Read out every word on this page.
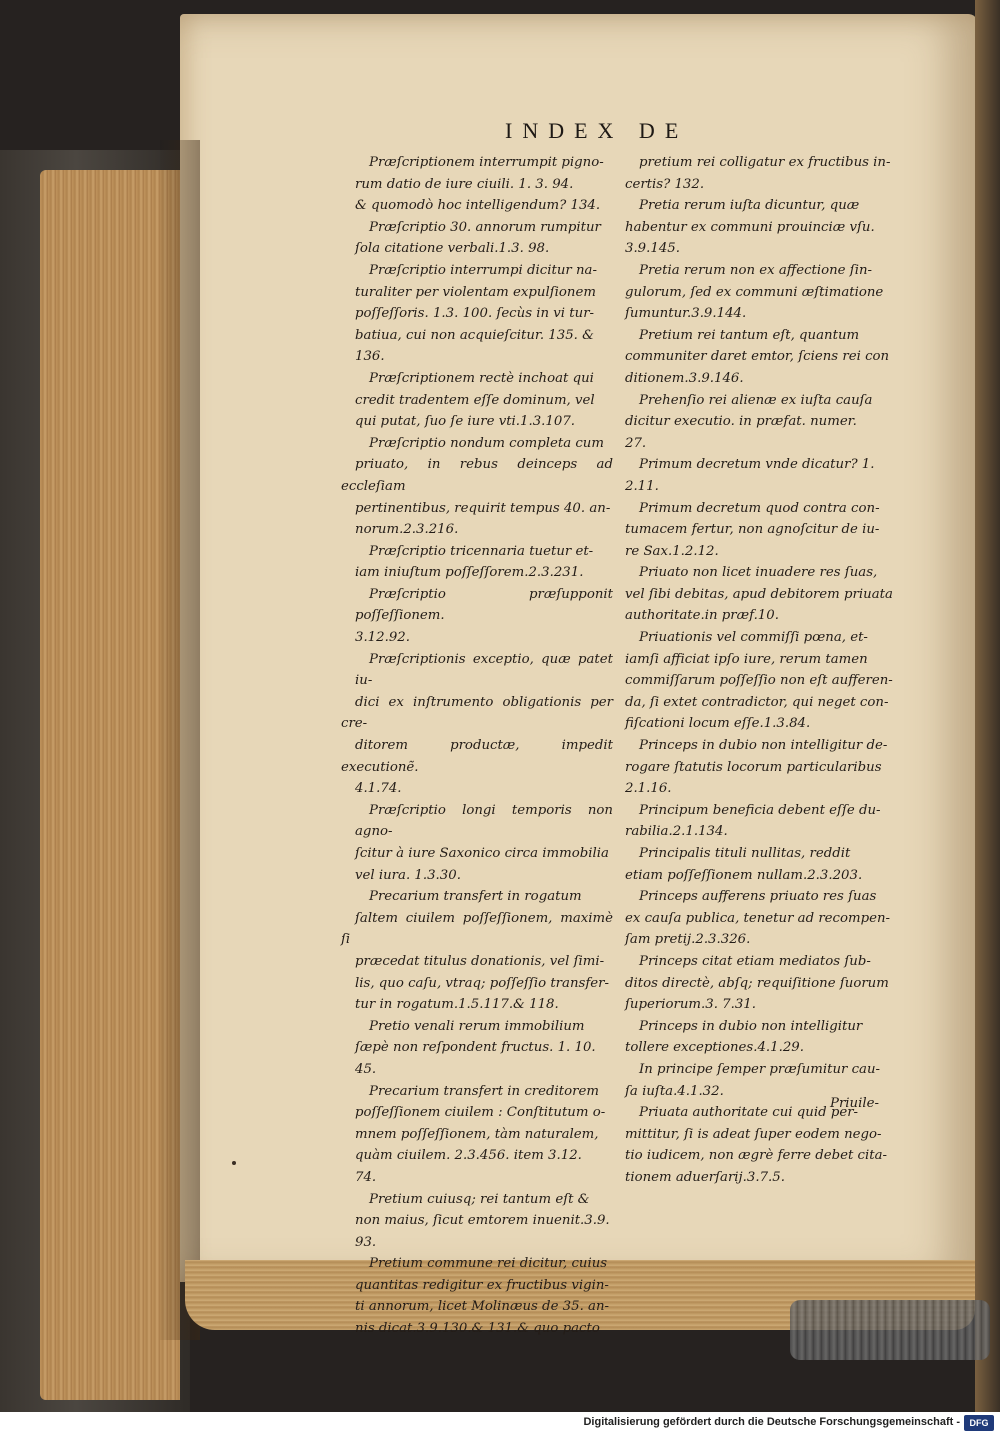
INDEX DE

Præſcriptionem interrumpit pigno-
rum datio de iure ciuili. 1. 3. 94.
& quomodò hoc intelligendum? 134.

Præſcriptio 30. annorum rumpitur
ſola citatione verbali.1.3. 98.

Præſcriptio interrumpi dicitur na-
turaliter per violentam expulſionem
poſſeſſoris. 1.3. 100. ſecùs in vi tur-
batiua, cui non acquieſcitur. 135. &
136.

Præſcriptionem rectè inchoat qui
credit tradentem eſſe dominum, vel
qui putat, ſuo ſe iure vti.1.3.107.

Præſcriptio nondum completa cum
priuato, in rebus deinceps ad eccleſiam
pertinentibus, requirit tempus 40. an-
norum.2.3.216.

Præſcriptio tricennaria tuetur et-
iam iniuſtum poſſeſſorem.2.3.231.

Præſcriptio præſupponit poſſeſſionem.
3.12.92.

Præſcriptionis exceptio, quæ patet iu-
dici ex inſtrumento obligationis per cre-
ditorem productæ, impedit executionẽ.
4.1.74.

Præſcriptio longi temporis non agno-
ſcitur à iure Saxonico circa immobilia
vel iura. 1.3.30.

Precarium transfert in rogatum
ſaltem ciuilem poſſeſſionem, maximè ſi
præcedat titulus donationis, vel ſimi-
lis, quo caſu, vtraq; poſſeſſio transfer-
tur in rogatum.1.5.117.& 118.

Pretio venali rerum immobilium
ſæpè non reſpondent fructus. 1. 10.
45.

Precarium transfert in creditorem
poſſeſſionem ciuilem : Conſtitutum o-
mnem poſſeſſionem, tàm naturalem,
quàm ciuilem. 2.3.456. item 3.12.
74.

Pretium cuiusq; rei tantum eſt &
non maius, ſicut emtorem inuenit.3.9.
93.

Pretium commune rei dicitur, cuius
quantitas redigitur ex fructibus vigin-
ti annorum, licet Molinæus de 35. an-
nis dicat.3.9.130.& 131.& quo pacto

pretium rei colligatur ex fructibus in-
certis? 132.

Pretia rerum iuſta dicuntur, quæ
habentur ex communi prouinciæ vſu.
3.9.145.

Pretia rerum non ex affectione ſin-
gulorum, ſed ex communi æſtimatione
ſumuntur.3.9.144.

Pretium rei tantum eſt, quantum
communiter daret emtor, ſciens rei con
ditionem.3.9.146.

Prehenſio rei alienæ ex iuſta cauſa
dicitur executio. in præfat. numer.
27.

Primum decretum vnde dicatur? 1.
2.11.

Primum decretum quod contra con-
tumacem fertur, non agnoſcitur de iu-
re Sax.1.2.12.

Priuato non licet inuadere res ſuas,
vel ſibi debitas, apud debitorem priuata
authoritate.in præf.10.

Priuationis vel commiſſi pœna, et-
iamſi afficiat ipſo iure, rerum tamen
commiſſarum poſſeſſio non eſt aufferen-
da, ſi extet contradictor, qui neget con-
fiſcationi locum eſſe.1.3.84.

Princeps in dubio non intelligitur de-
rogare ſtatutis locorum particularibus
2.1.16.

Principum beneficia debent eſſe du-
rabilia.2.1.134.

Principalis tituli nullitas, reddit
etiam poſſeſſionem nullam.2.3.203.

Princeps aufferens priuato res ſuas
ex cauſa publica, tenetur ad recompen-
ſam pretij.2.3.326.

Princeps citat etiam mediatos ſub-
ditos directè, abſq; requiſitione ſuorum
ſuperiorum.3. 7.31.

Princeps in dubio non intelligitur
tollere exceptiones.4.1.29.

In principe ſemper præſumitur cau-
ſa iuſta.4.1.32.

Priuata authoritate cui quid per-
mittitur, ſi is adeat ſuper eodem nego-
tio iudicem, non ægrè ferre debet cita-
tionem aduerſarij.3.7.5.

Priuile-
Digitalisierung gefördert durch die Deutsche Forschungsgemeinschaft -	DFG
